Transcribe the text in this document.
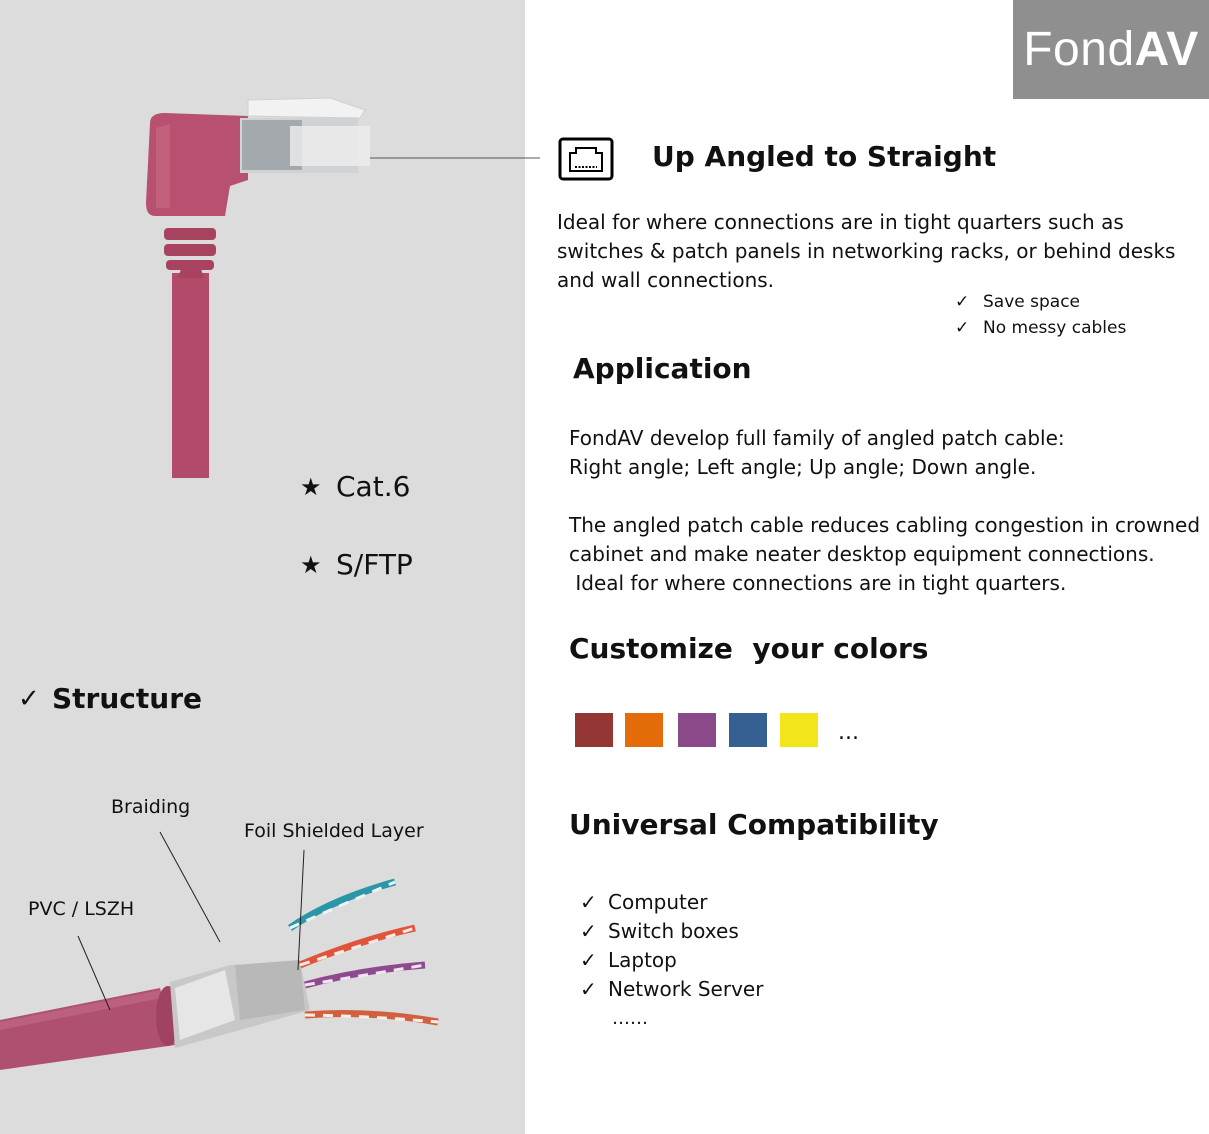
Fond AV
Up Angled to Straight
Ideal for where connections are in tight quarters such as
switches & patch panels in networking racks, or behind desks
and wall connections.
✓ Save space
✓ No messy cables
Application
FondAV develop full family of angled patch cable:
Right angle; Left angle; Up angle; Down angle.
The angled patch cable reduces cabling congestion in crowned
cabinet and make neater desktop equipment connections.
Ideal for where connections are in tight quarters.
Customize  your colors
...
Universal Compatibility
✓ Computer
✓ Switch boxes
✓ Laptop
✓ Network Server
……
★ Cat.6
★ S/FTP
✓ Structure
Braiding
Foil Shielded Layer
PVC / LSZH
